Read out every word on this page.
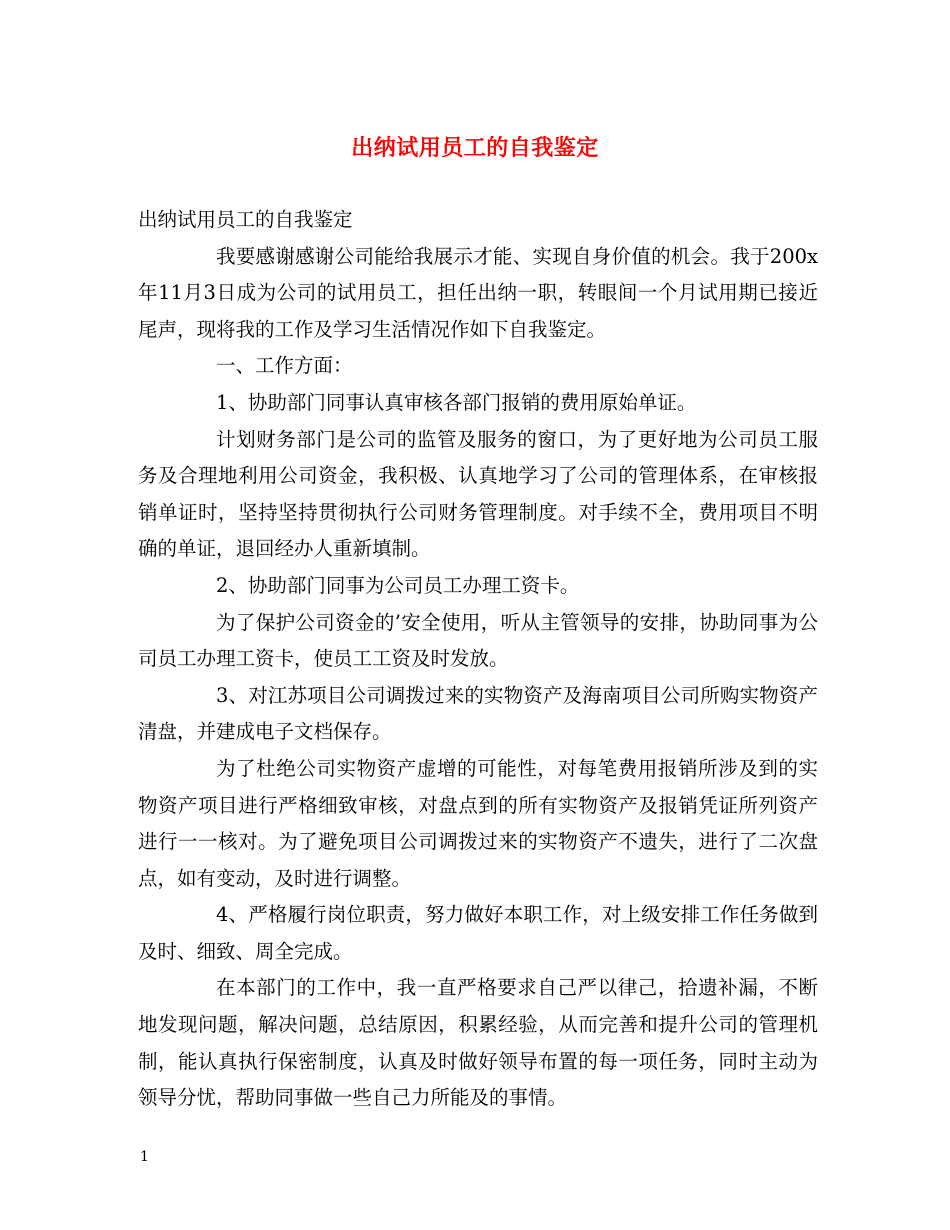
出纳试用员工的自我鉴定

出纳试用员工的自我鉴定

我要感谢感谢公司能给我展示才能、实现自身价值的机会。我于200x年11月3日成为公司的试用员工，担任出纳一职，转眼间一个月试用期已接近尾声，现将我的工作及学习生活情况作如下自我鉴定。

一、工作方面：

1、协助部门同事认真审核各部门报销的费用原始单证。

计划财务部门是公司的监管及服务的窗口，为了更好地为公司员工服务及合理地利用公司资金，我积极、认真地学习了公司的管理体系，在审核报销单证时，坚持坚持贯彻执行公司财务管理制度。对手续不全，费用项目不明确的单证，退回经办人重新填制。

2、协助部门同事为公司员工办理工资卡。

为了保护公司资金的’安全使用，听从主管领导的安排，协助同事为公司员工办理工资卡，使员工工资及时发放。

3、对江苏项目公司调拨过来的实物资产及海南项目公司所购实物资产清盘，并建成电子文档保存。

为了杜绝公司实物资产虚增的可能性，对每笔费用报销所涉及到的实物资产项目进行严格细致审核，对盘点到的所有实物资产及报销凭证所列资产进行一一核对。为了避免项目公司调拨过来的实物资产不遗失，进行了二次盘点，如有变动，及时进行调整。

4、严格履行岗位职责，努力做好本职工作，对上级安排工作任务做到及时、细致、周全完成。

在本部门的工作中，我一直严格要求自己严以律己，拾遗补漏，不断地发现问题，解决问题，总结原因，积累经验，从而完善和提升公司的管理机制，能认真执行保密制度，认真及时做好领导布置的每一项任务，同时主动为领导分忧，帮助同事做一些自己力所能及的事情。

1
